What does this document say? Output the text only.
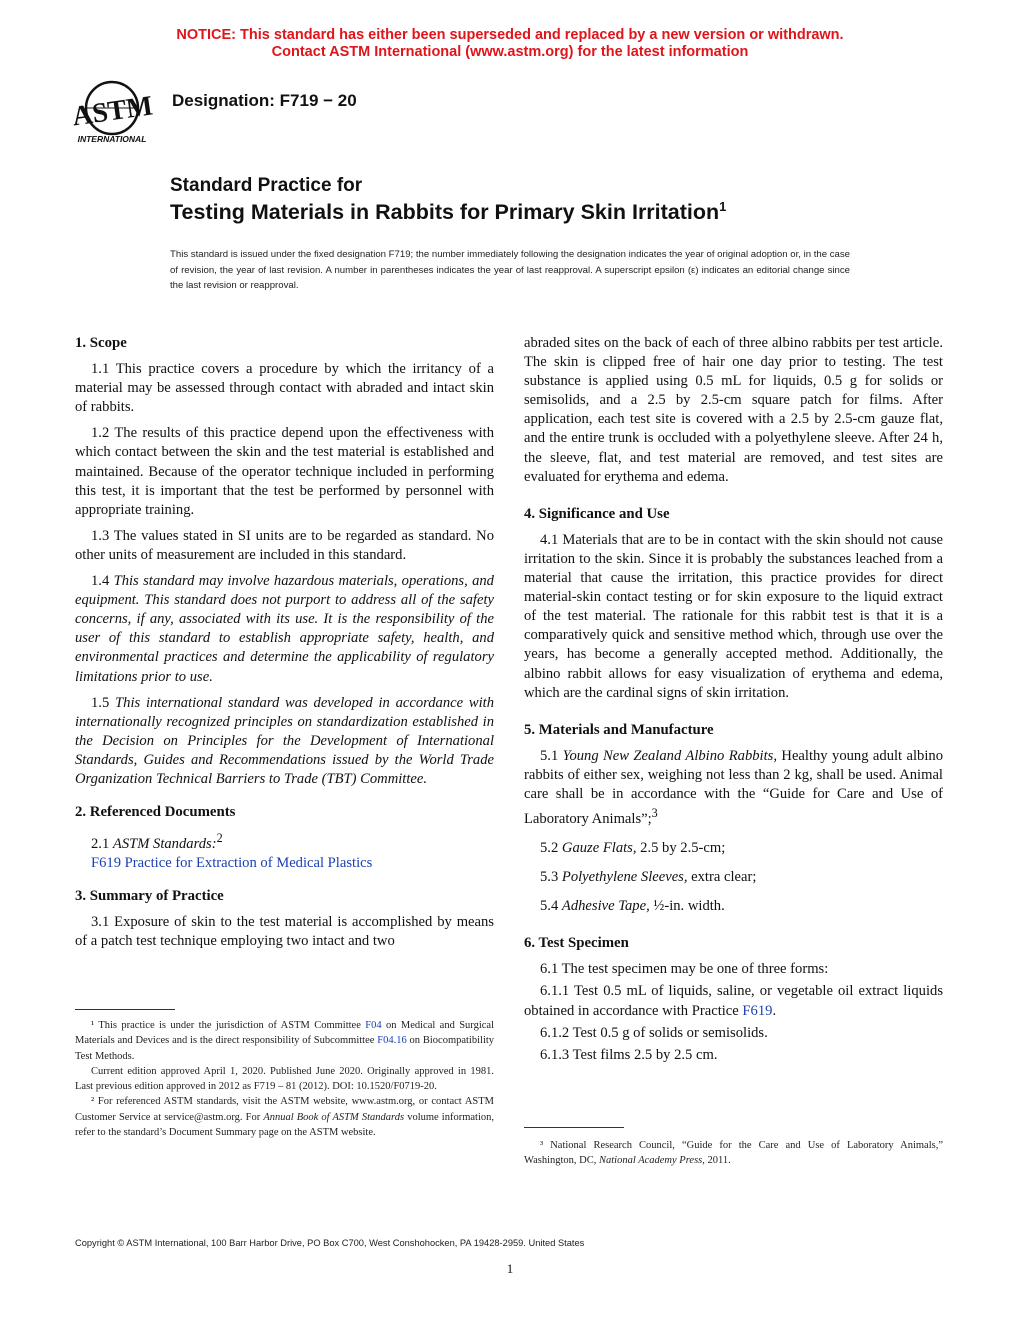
NOTICE: This standard has either been superseded and replaced by a new version or withdrawn.
Contact ASTM International (www.astm.org) for the latest information
ASTM
INTERNATIONAL
Designation: F719 − 20
Standard Practice for
Testing Materials in Rabbits for Primary Skin Irritation$^1$
This standard is issued under the fixed designation F719; the number immediately following the designation indicates the year of original adoption or, in the case of revision, the year of last revision. A number in parentheses indicates the year of last reapproval. A superscript epsilon (ε) indicates an editorial change since the last revision or reapproval.
1. Scope

1.1 This practice covers a procedure by which the irritancy of a material may be assessed through contact with abraded and intact skin of rabbits.

1.2 The results of this practice depend upon the effectiveness with which contact between the skin and the test material is established and maintained. Because of the operator technique included in performing this test, it is important that the test be performed by personnel with appropriate training.

1.3 The values stated in SI units are to be regarded as standard. No other units of measurement are included in this standard.

1.4 This standard may involve hazardous materials, operations, and equipment. This standard does not purport to address all of the safety concerns, if any, associated with its use. It is the responsibility of the user of this standard to establish appropriate safety, health, and environmental practices and determine the applicability of regulatory limitations prior to use.

1.5 This international standard was developed in accordance with internationally recognized principles on standardization established in the Decision on Principles for the Development of International Standards, Guides and Recommendations issued by the World Trade Organization Technical Barriers to Trade (TBT) Committee.

2. Referenced Documents

2.1 ASTM Standards:$^2$

F619 Practice for Extraction of Medical Plastics

3. Summary of Practice

3.1 Exposure of skin to the test material is accomplished by means of a patch test technique employing two intact and two

abraded sites on the back of each of three albino rabbits per test article. The skin is clipped free of hair one day prior to testing. The test substance is applied using 0.5 mL for liquids, 0.5 g for solids or semisolids, and a 2.5 by 2.5-cm square patch for films. After application, each test site is covered with a 2.5 by 2.5-cm gauze flat, and the entire trunk is occluded with a polyethylene sleeve. After 24 h, the sleeve, flat, and test material are removed, and test sites are evaluated for erythema and edema.

4. Significance and Use

4.1 Materials that are to be in contact with the skin should not cause irritation to the skin. Since it is probably the substances leached from a material that cause the irritation, this practice provides for direct material-skin contact testing or for skin exposure to the liquid extract of the test material. The rationale for this rabbit test is that it is a comparatively quick and sensitive method which, through use over the years, has become a generally accepted method. Additionally, the albino rabbit allows for easy visualization of erythema and edema, which are the cardinal signs of skin irritation.

5. Materials and Manufacture

5.1 Young New Zealand Albino Rabbits, Healthy young adult albino rabbits of either sex, weighing not less than 2 kg, shall be used. Animal care shall be in accordance with the “Guide for Care and Use of Laboratory Animals”;$^3$

5.2 Gauze Flats, 2.5 by 2.5-cm;

5.3 Polyethylene Sleeves, extra clear;

5.4 Adhesive Tape, ½-in. width.

6. Test Specimen

6.1 The test specimen may be one of three forms:

6.1.1 Test 0.5 mL of liquids, saline, or vegetable oil extract liquids obtained in accordance with Practice F619.

6.1.2 Test 0.5 g of solids or semisolids.

6.1.3 Test films 2.5 by 2.5 cm.

¹ This practice is under the jurisdiction of ASTM Committee F04 on Medical and Surgical Materials and Devices and is the direct responsibility of Subcommittee F04.16 on Biocompatibility Test Methods.

Current edition approved April 1, 2020. Published June 2020. Originally approved in 1981. Last previous edition approved in 2012 as F719 – 81 (2012). DOI: 10.1520/F0719-20.

² For referenced ASTM standards, visit the ASTM website, www.astm.org, or contact ASTM Customer Service at service@astm.org. For Annual Book of ASTM Standards volume information, refer to the standard’s Document Summary page on the ASTM website.

³ National Research Council, “Guide for the Care and Use of Laboratory Animals,” Washington, DC, National Academy Press, 2011.

Copyright © ASTM International, 100 Barr Harbor Drive, PO Box C700, West Conshohocken, PA 19428-2959. United States
1
